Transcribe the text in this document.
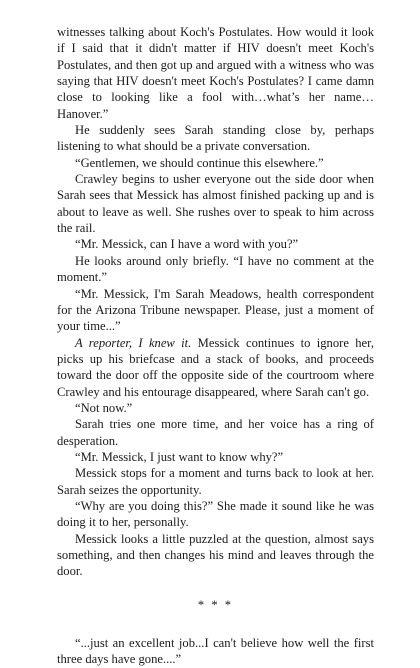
witnesses talking about Koch's Postulates. How would it look if I said that it didn't matter if HIV doesn't meet Koch's Postulates, and then got up and argued with a witness who was saying that HIV doesn't meet Koch's Postulates? I came damn close to looking like a fool with…what’s her name…Hanover.”

He suddenly sees Sarah standing close by, perhaps listening to what should be a private conversation.

“Gentlemen, we should continue this elsewhere.”

Crawley begins to usher everyone out the side door when Sarah sees that Messick has almost finished packing up and is about to leave as well. She rushes over to speak to him across the rail.

“Mr. Messick, can I have a word with you?”

He looks around only briefly. “I have no comment at the moment.”

“Mr. Messick, I'm Sarah Meadows, health correspondent for the Arizona Tribune newspaper. Please, just a moment of your time...”

A reporter, I knew it. Messick continues to ignore her, picks up his briefcase and a stack of books, and proceeds toward the door off the opposite side of the courtroom where Crawley and his entourage disappeared, where Sarah can't go.

“Not now.”

Sarah tries one more time, and her voice has a ring of desperation.

“Mr. Messick, I just want to know why?”

Messick stops for a moment and turns back to look at her. Sarah seizes the opportunity.

“Why are you doing this?” She made it sound like he was doing it to her, personally.

Messick looks a little puzzled at the question, almost says something, and then changes his mind and leaves through the door.

* * *

“...just an excellent job...I can't believe how well the first three days have gone....”
